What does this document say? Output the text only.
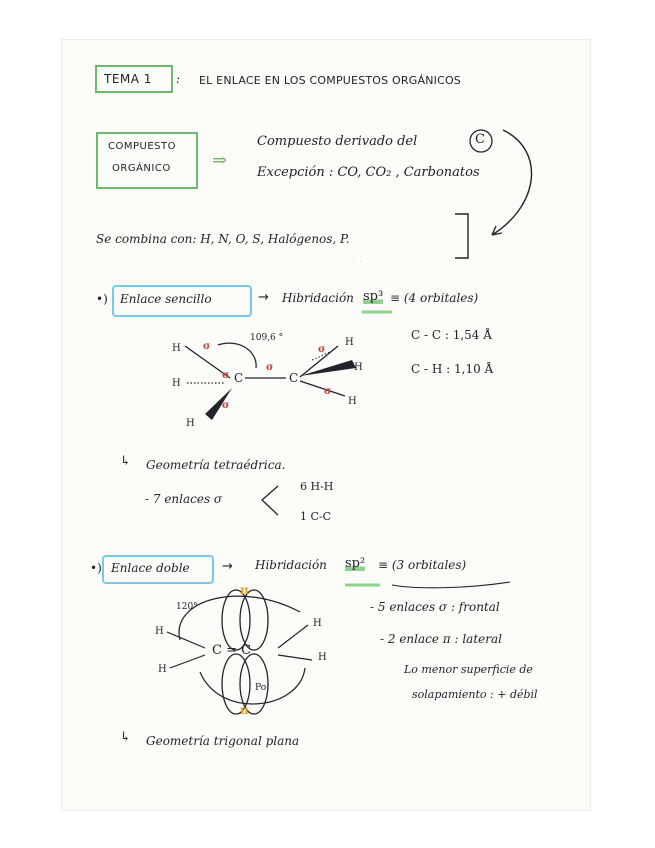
· · ·
TEMA 1 : EL ENLACE EN LOS COMPUESTOS ORGÁNICOS
COMPUESTO
ORGÁNICO ⇒
Compuesto derivado del	C
Excepción : CO, CO₂ , Carbonatos
Se combina con: H, N, O, S, Halógenos, P.
•) Enlace sencillo	→ Hibridación sp³ ≡ (4 orbitales)
109,6 °
H σ
σ
σ
σ
σ
σ
H
H	C	C
H
H
H
C - C : 1,54 Å
C - H : 1,10 Å
↳ Geometría tetraédrica.
- 7 enlaces σ
6 H-H
1 C-C
•) Enlace doble → Hibridación sp² ≡ (3 orbitales)
120°
π
π
H
H
H
H
C = C
Po
- 5 enlaces σ : frontal
- 2 enlace π : lateral
Lo menor superficie de
solapamiento : + débil
↳ Geometría trigonal plana
